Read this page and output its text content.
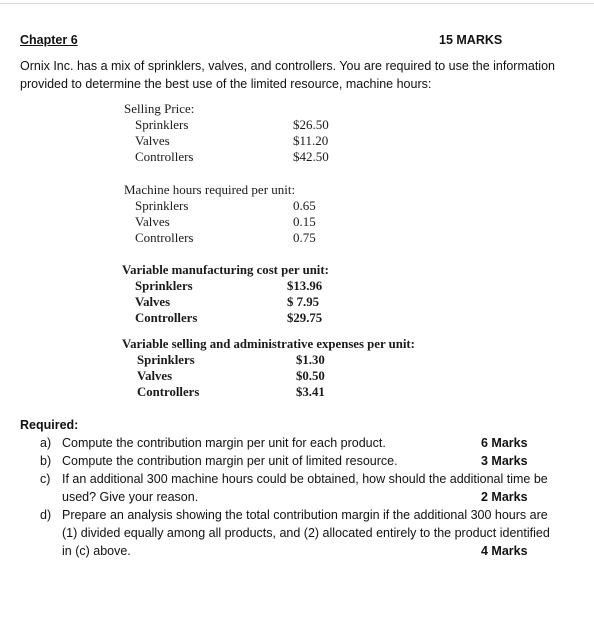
Chapter 6	15 MARKS

Ornix Inc. has a mix of sprinklers, valves, and controllers. You are required to use the information

provided to determine the best use of the limited resource, machine hours:

Selling Price:
Sprinklers	$26.50
Valves	$11.20
Controllers	$42.50
Machine hours required per unit:
Sprinklers	0.65
Valves	0.15
Controllers	0.75
Variable manufacturing cost per unit:
Sprinklers	$13.96
Valves	$ 7.95
Controllers	$29.75
Variable selling and administrative expenses per unit:
Sprinklers	$1.30
Valves	$0.50
Controllers	$3.41
Required:
a) Compute the contribution margin per unit for each product.	6 Marks
b) Compute the contribution margin per unit of limited resource.	3 Marks
c) If an additional 300 machine hours could be obtained, how should the additional time be
used? Give your reason.	2 Marks
d) Prepare an analysis showing the total contribution margin if the additional 300 hours are
(1) divided equally among all products, and (2) allocated entirely to the product identified
in (c) above.	4 Marks
